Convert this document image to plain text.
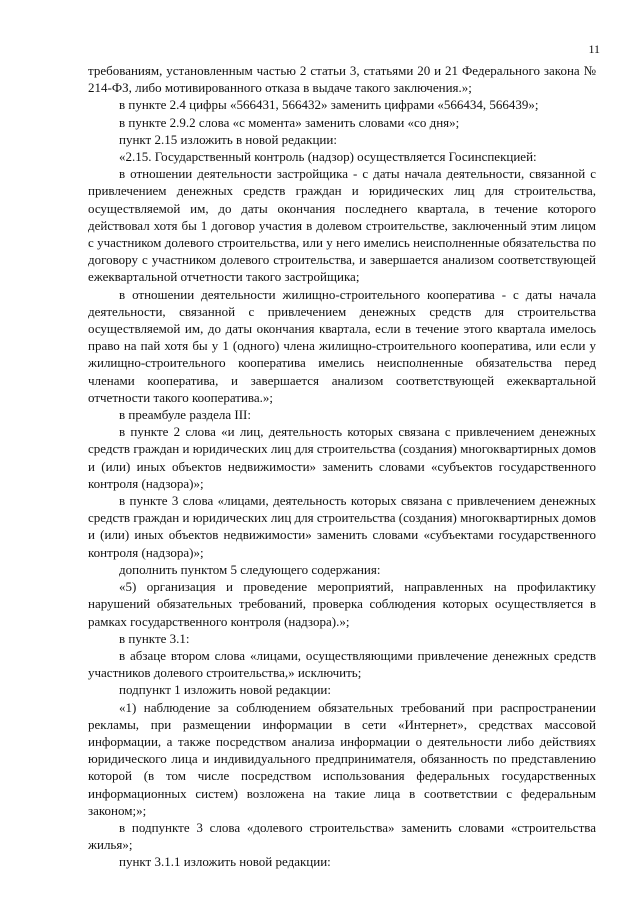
11

требованиям, установленным частью 2 статьи 3, статьями 20 и 21 Федерального закона № 214-ФЗ, либо мотивированного отказа в выдаче такого заключения.»;

в пункте 2.4 цифры «566431, 566432» заменить цифрами «566434, 566439»;

в пункте 2.9.2 слова «с момента» заменить словами «со дня»;

пункт 2.15 изложить в новой редакции:

«2.15. Государственный контроль (надзор) осуществляется Госинспекцией:

в отношении деятельности застройщика - с даты начала деятельности, связанной с привлечением денежных средств граждан и юридических лиц для строительства, осуществляемой им, до даты окончания последнего квартала, в течение которого действовал хотя бы 1 договор участия в долевом строительстве, заключенный этим лицом с участником долевого строительства, или у него имелись неисполненные обязательства по договору с участником долевого строительства, и завершается анализом соответствующей ежеквартальной отчетности такого застройщика;

в отношении деятельности жилищно-строительного кооператива - с даты начала деятельности, связанной с привлечением денежных средств для строительства осуществляемой им, до даты окончания квартала, если в течение этого квартала имелось право на пай хотя бы у 1 (одного) члена жилищно-строительного кооператива, или если у жилищно-строительного кооператива имелись неисполненные обязательства перед членами кооператива, и завершается анализом соответствующей ежеквартальной отчетности такого кооператива.»;

в преамбуле раздела III:

в пункте 2 слова «и лиц, деятельность которых связана с привлечением денежных средств граждан и юридических лиц для строительства (создания) многоквартирных домов и (или) иных объектов недвижимости» заменить словами «субъектов государственного контроля (надзора)»;

в пункте 3 слова «лицами, деятельность которых связана с привлечением денежных средств граждан и юридических лиц для строительства (создания) многоквартирных домов и (или) иных объектов недвижимости» заменить словами «субъектами государственного контроля (надзора)»;

дополнить пунктом 5 следующего содержания:

«5) организация и проведение мероприятий, направленных на профилактику нарушений обязательных требований, проверка соблюдения которых осуществляется в рамках государственного контроля (надзора).»;

в пункте 3.1:

в абзаце втором слова «лицами, осуществляющими привлечение денежных средств участников долевого строительства,» исключить;

подпункт 1 изложить новой редакции:

«1) наблюдение за соблюдением обязательных требований при распространении рекламы, при размещении информации в сети «Интернет», средствах массовой информации, а также посредством анализа информации о деятельности либо действиях юридического лица и индивидуального предпринимателя, обязанность по представлению которой (в том числе посредством использования федеральных государственных информационных систем) возложена на такие лица в соответствии с федеральным законом;»;

в подпункте 3 слова «долевого строительства» заменить словами «строительства жилья»;

пункт 3.1.1 изложить новой редакции:
